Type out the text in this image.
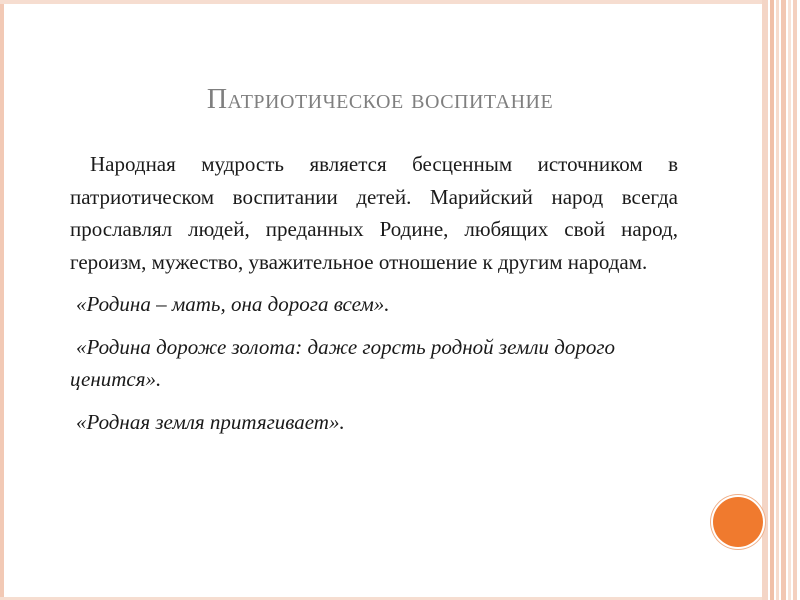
Патриотическое воспитание

Народная мудрость является бесценным источником в патриотическом воспитании детей. Марийский народ всегда прославлял людей, преданных Родине, любящих свой народ, героизм, мужество, уважительное отношение к другим народам.

«Родина – мать, она дорога всем».

«Родина дороже золота: даже горсть родной земли дорого ценится».

«Родная земля притягивает».
